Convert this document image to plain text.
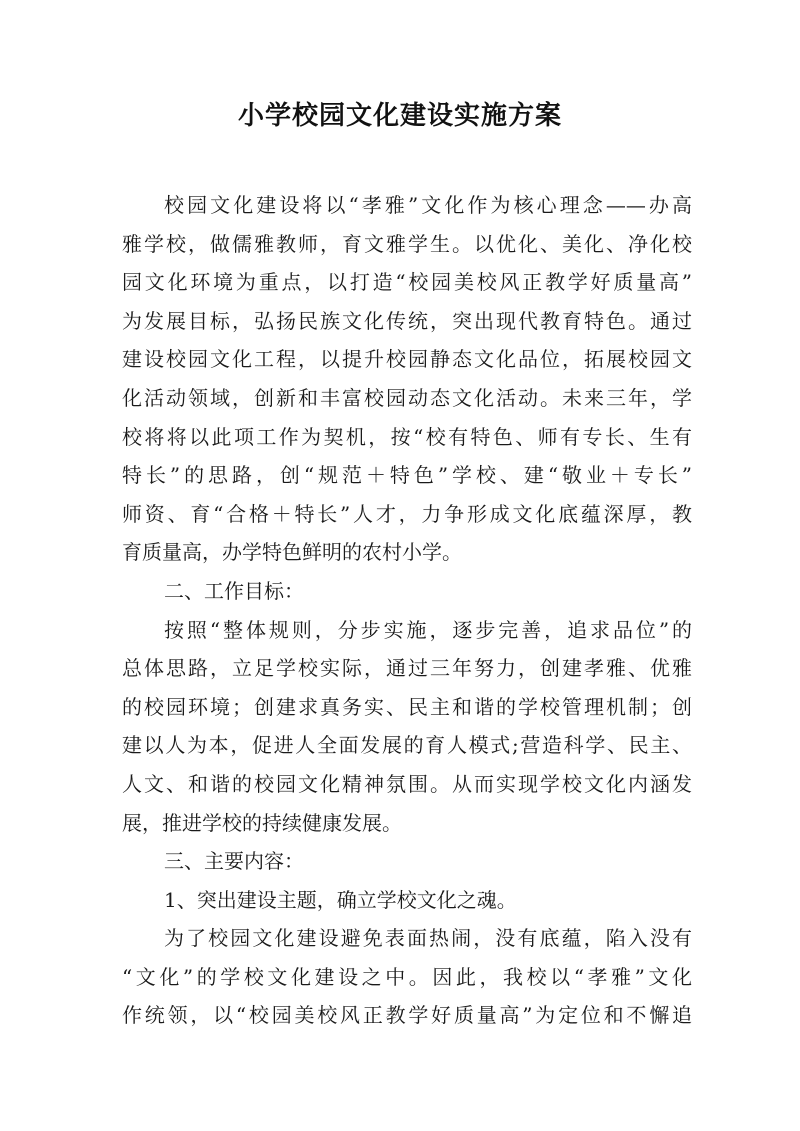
小学校园文化建设实施方案
校园文化建设将以“孝雅”文化作为核心理念——办高
雅学校，做儒雅教师，育文雅学生。以优化、美化、净化校
园文化环境为重点，以打造“校园美校风正教学好质量高”
为发展目标，弘扬民族文化传统，突出现代教育特色。通过
建设校园文化工程，以提升校园静态文化品位，拓展校园文
化活动领域，创新和丰富校园动态文化活动。未来三年，学
校将将以此项工作为契机，按“校有特色、师有专长、生有
特长”的思路，创“规范＋特色”学校、建“敬业＋专长”
师资、育“合格＋特长”人才，力争形成文化底蕴深厚，教
育质量高，办学特色鲜明的农村小学。
二、工作目标：
按照“整体规则，分步实施，逐步完善，追求品位”的
总体思路，立足学校实际，通过三年努力，创建孝雅、优雅
的校园环境；创建求真务实、民主和谐的学校管理机制；创
建以人为本，促进人全面发展的育人模式;营造科学、民主、
人文、和谐的校园文化精神氛围。从而实现学校文化内涵发
展，推进学校的持续健康发展。
三、主要内容：
1、突出建设主题，确立学校文化之魂。
为了校园文化建设避免表面热闹，没有底蕴，陷入没有
“文化”的学校文化建设之中。因此，我校以“孝雅”文化
作统领，以“校园美校风正教学好质量高”为定位和不懈追
